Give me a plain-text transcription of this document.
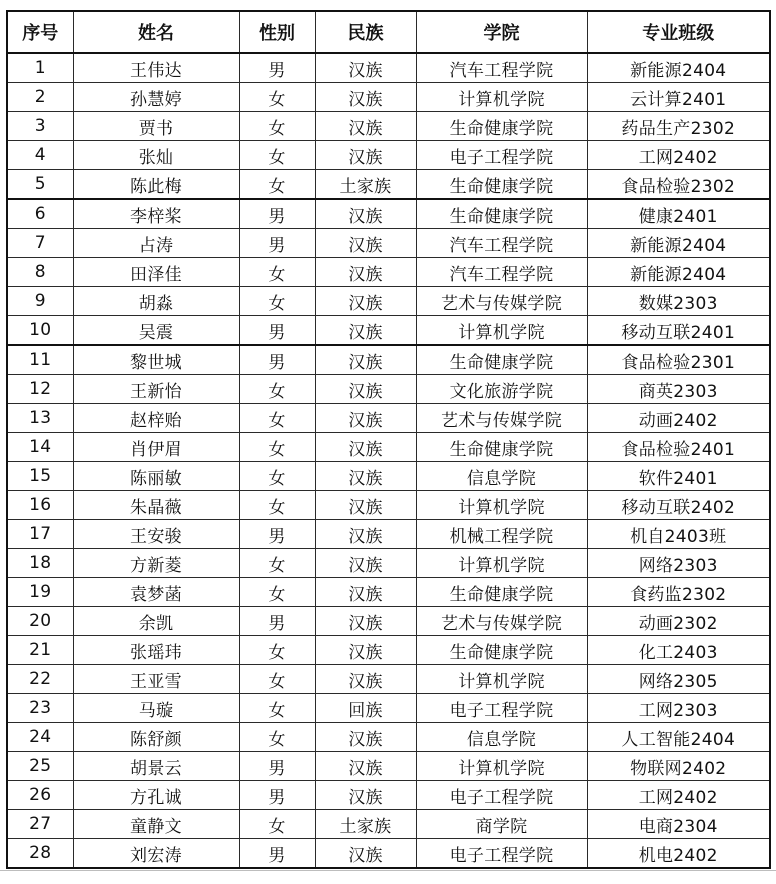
序号	姓名	性别	民族	学院	专业班级
1	王伟达	男	汉族	汽车工程学院	新能源2404
2	孙慧婷	女	汉族	计算机学院	云计算2401
3	贾书	女	汉族	生命健康学院	药品生产2302
4	张灿	女	汉族	电子工程学院	工网2402
5	陈此梅	女	土家族	生命健康学院	食品检验2302
6	李梓桨	男	汉族	生命健康学院	健康2401
7	占涛	男	汉族	汽车工程学院	新能源2404
8	田泽佳	女	汉族	汽车工程学院	新能源2404
9	胡淼	女	汉族	艺术与传媒学院	数媒2303
10	吴震	男	汉族	计算机学院	移动互联2401
11	黎世城	男	汉族	生命健康学院	食品检验2301
12	王新怡	女	汉族	文化旅游学院	商英2303
13	赵梓贻	女	汉族	艺术与传媒学院	动画2402
14	肖伊眉	女	汉族	生命健康学院	食品检验2401
15	陈丽敏	女	汉族	信息学院	软件2401
16	朱晶薇	女	汉族	计算机学院	移动互联2402
17	王安骏	男	汉族	机械工程学院	机自2403班
18	方新菱	女	汉族	计算机学院	网络2303
19	袁梦菡	女	汉族	生命健康学院	食药监2302
20	余凯	男	汉族	艺术与传媒学院	动画2302
21	张瑶玮	女	汉族	生命健康学院	化工2403
22	王亚雪	女	汉族	计算机学院	网络2305
23	马璇	女	回族	电子工程学院	工网2303
24	陈舒颜	女	汉族	信息学院	人工智能2404
25	胡景云	男	汉族	计算机学院	物联网2402
26	方孔诚	男	汉族	电子工程学院	工网2402
27	童静文	女	土家族	商学院	电商2304
28	刘宏涛	男	汉族	电子工程学院	机电2402
